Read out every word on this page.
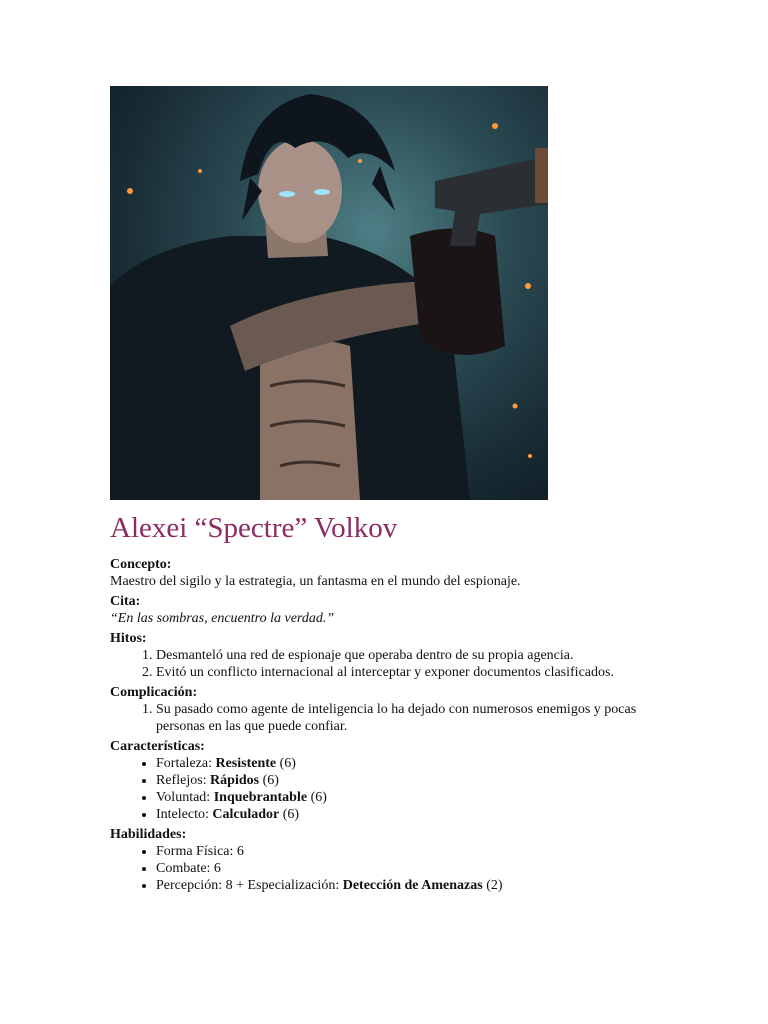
Alexei “Spectre” Volkov

Concepto:

Maestro del sigilo y la estrategia, un fantasma en el mundo del espionaje.

Cita:

“En las sombras, encuentro la verdad.”

Hitos:

1. Desmanteló una red de espionaje que operaba dentro de su propia agencia.
2. Evitó un conflicto internacional al interceptar y exponer documentos clasificados.

Complicación:

1. Su pasado como agente de inteligencia lo ha dejado con numerosos enemigos y pocas personas en las que puede confiar.

Características:

• Fortaleza: Resistente (6)
• Reflejos: Rápidos (6)
• Voluntad: Inquebrantable (6)
• Intelecto: Calculador (6)

Habilidades:

• Forma Física: 6
• Combate: 6
• Percepción: 8 + Especialización: Detección de Amenazas (2)
